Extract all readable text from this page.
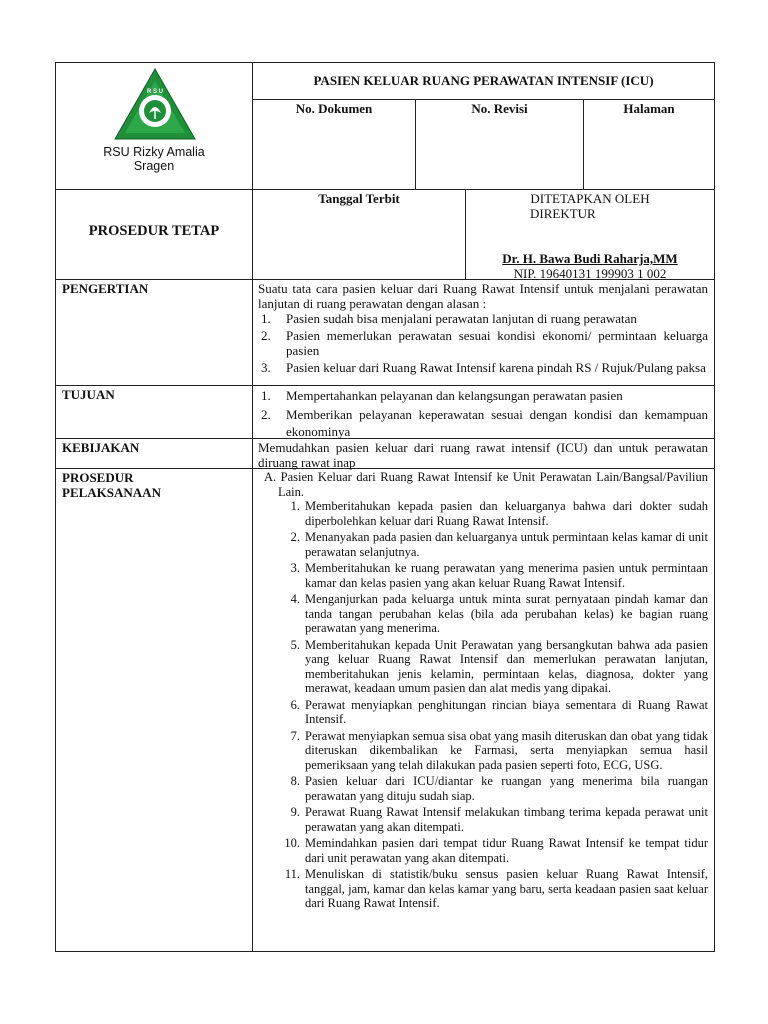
R S U
RSU Rizky Amalia
Sragen
PASIEN KELUAR RUANG PERAWATAN INTENSIF (ICU)
No. Dokumen	No. Revisi	Halaman
PROSEDUR TETAP
Tanggal Terbit	DITETAPKAN OLEH
DIREKTUR
Dr. H. Bawa Budi Raharja,MM
NIP. 19640131 199903 1 002
PENGERTIAN	Suatu tata cara pasien keluar dari Ruang Rawat Intensif untuk menjalani perawatan lanjutan di ruang perawatan dengan alasan :
1. Pasien sudah bisa menjalani perawatan lanjutan di ruang perawatan
2. Pasien memerlukan perawatan sesuai kondisi ekonomi/ permintaan keluarga pasien
3. Pasien keluar dari Ruang Rawat Intensif karena pindah RS / Rujuk/Pulang paksa
TUJUAN	1. Mempertahankan pelayanan dan kelangsungan perawatan pasien
2. Memberikan pelayanan keperawatan sesuai dengan kondisi dan kemampuan ekonominya
KEBIJAKAN	Memudahkan pasien keluar dari ruang rawat intensif (ICU) dan untuk perawatan diruang rawat inap
PROSEDUR
PELAKSANAAN
A. Pasien Keluar dari Ruang Rawat Intensif ke Unit Perawatan Lain/Bangsal/Paviliun Lain.
1. Memberitahukan kepada pasien dan keluarganya bahwa dari dokter sudah diperbolehkan keluar dari Ruang Rawat Intensif.
2. Menanyakan pada pasien dan keluarganya untuk permintaan kelas kamar di unit perawatan selanjutnya.
3. Memberitahukan ke ruang perawatan yang menerima pasien untuk permintaan kamar dan kelas pasien yang akan keluar Ruang Rawat Intensif.
4. Menganjurkan pada keluarga untuk minta surat pernyataan pindah kamar dan tanda tangan perubahan kelas (bila ada perubahan kelas) ke bagian ruang perawatan yang menerima.
5. Memberitahukan kepada Unit Perawatan yang bersangkutan bahwa ada pasien yang keluar Ruang Rawat Intensif dan memerlukan perawatan lanjutan, memberitahukan jenis kelamin, permintaan kelas, diagnosa, dokter yang merawat, keadaan umum pasien dan alat medis yang dipakai.
6. Perawat menyiapkan penghitungan rincian biaya sementara di Ruang Rawat Intensif.
7. Perawat menyiapkan semua sisa obat yang masih diteruskan dan obat yang tidak diteruskan dikembalikan ke Farmasi, serta menyiapkan semua hasil pemeriksaan yang telah dilakukan pada pasien seperti foto, ECG, USG.
8. Pasien keluar dari ICU/diantar ke ruangan yang menerima bila ruangan perawatan yang dituju sudah siap.
9. Perawat Ruang Rawat Intensif melakukan timbang terima kepada perawat unit perawatan yang akan ditempati.
10. Memindahkan pasien dari tempat tidur Ruang Rawat Intensif ke tempat tidur dari unit perawatan yang akan ditempati.
11. Menuliskan di statistik/buku sensus pasien keluar Ruang Rawat Intensif, tanggal, jam, kamar dan kelas kamar yang baru, serta keadaan pasien saat keluar dari Ruang Rawat Intensif.
